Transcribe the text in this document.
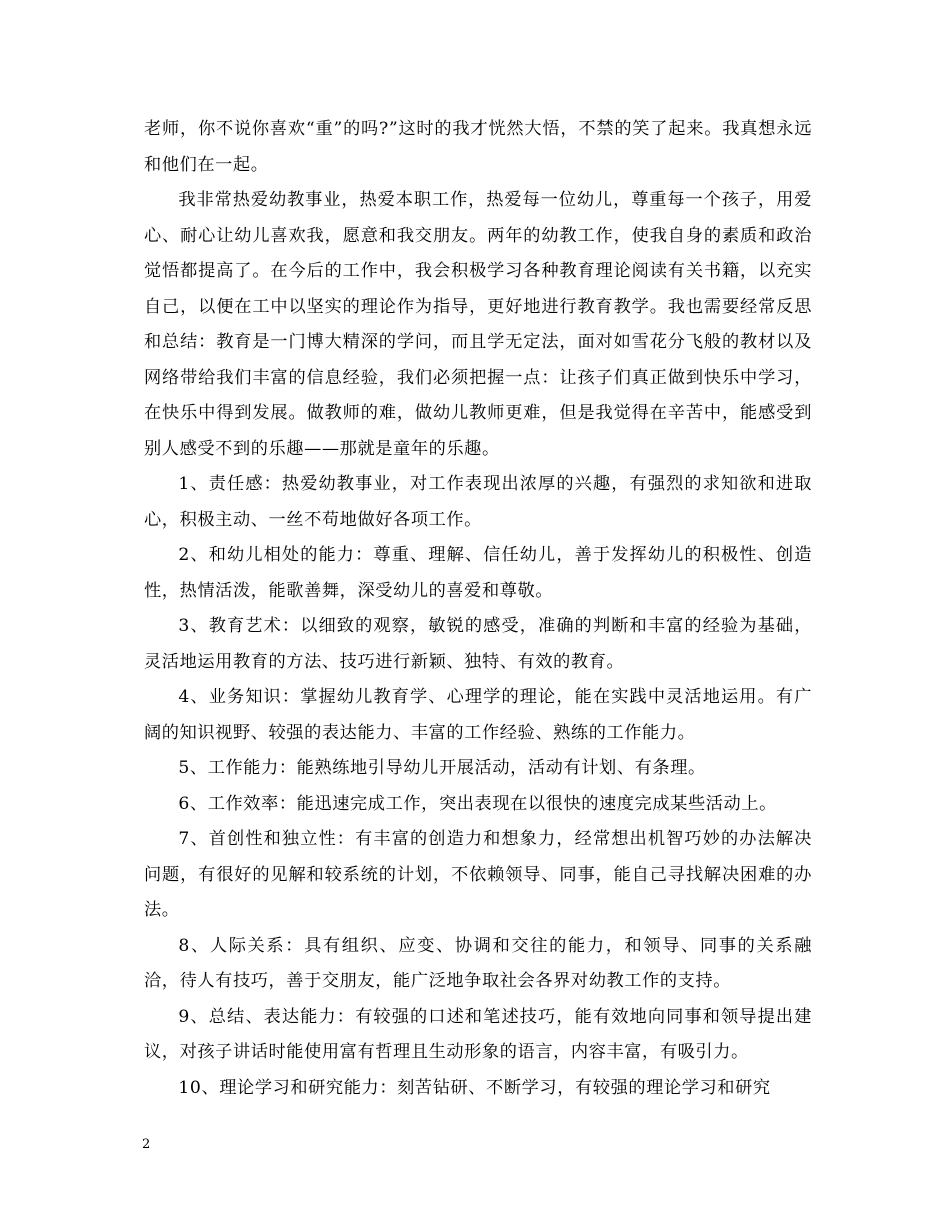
老师，你不说你喜欢“重”的吗?”这时的我才恍然大悟，不禁的笑了起来。我真想永远和他们在一起。

我非常热爱幼教事业，热爱本职工作，热爱每一位幼儿，尊重每一个孩子，用爱心、耐心让幼儿喜欢我，愿意和我交朋友。两年的幼教工作，使我自身的素质和政治觉悟都提高了。在今后的工作中，我会积极学习各种教育理论阅读有关书籍，以充实自己，以便在工中以坚实的理论作为指导，更好地进行教育教学。我也需要经常反思和总结：教育是一门博大精深的学问，而且学无定法，面对如雪花分飞般的教材以及网络带给我们丰富的信息经验，我们必须把握一点：让孩子们真正做到快乐中学习，在快乐中得到发展。做教师的难，做幼儿教师更难，但是我觉得在辛苦中，能感受到别人感受不到的乐趣——那就是童年的乐趣。

1、责任感：热爱幼教事业，对工作表现出浓厚的兴趣，有强烈的求知欲和进取心，积极主动、一丝不苟地做好各项工作。

2、和幼儿相处的能力：尊重、理解、信任幼儿，善于发挥幼儿的积极性、创造性，热情活泼，能歌善舞，深受幼儿的喜爱和尊敬。

3、教育艺术：以细致的观察，敏锐的感受，准确的判断和丰富的经验为基础，灵活地运用教育的方法、技巧进行新颖、独特、有效的教育。

4、业务知识：掌握幼儿教育学、心理学的理论，能在实践中灵活地运用。有广阔的知识视野、较强的表达能力、丰富的工作经验、熟练的工作能力。

5、工作能力：能熟练地引导幼儿开展活动，活动有计划、有条理。

6、工作效率：能迅速完成工作，突出表现在以很快的速度完成某些活动上。

7、首创性和独立性：有丰富的创造力和想象力，经常想出机智巧妙的办法解决问题，有很好的见解和较系统的计划，不依赖领导、同事，能自己寻找解决困难的办法。

8、人际关系：具有组织、应变、协调和交往的能力，和领导、同事的关系融洽，待人有技巧，善于交朋友，能广泛地争取社会各界对幼教工作的支持。

9、总结、表达能力：有较强的口述和笔述技巧，能有效地向同事和领导提出建议，对孩子讲话时能使用富有哲理且生动形象的语言，内容丰富，有吸引力。

10、理论学习和研究能力：刻苦钻研、不断学习，有较强的理论学习和研究

2
